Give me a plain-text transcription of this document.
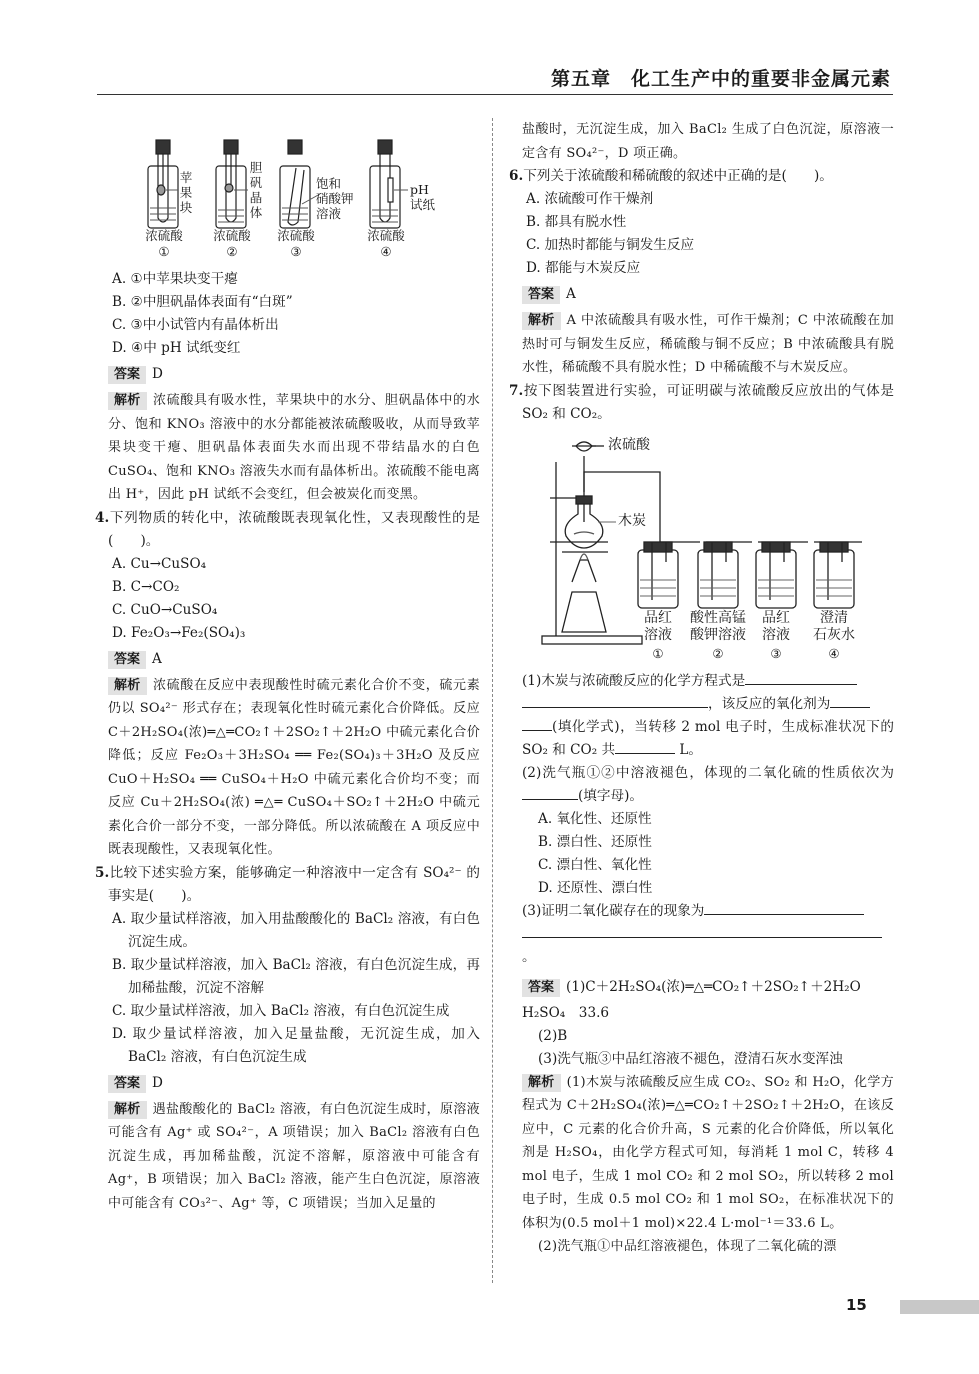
第五章　化工生产中的重要非金属元素
苹
果
块
胆
矾
晶
体
饱和
硝酸钾
溶液
pH
试纸
浓硫酸	浓硫酸	浓硫酸	浓硫酸
①	②	③	④

A. ①中苹果块变干瘪

B. ②中胆矾晶体表面有“白斑”

C. ③中小试管内有晶体析出

D. ④中 pH 试纸变红

答案 D

解析 浓硫酸具有吸水性，苹果块中的水分、胆矾晶体中的水分、饱和 KNO₃ 溶液中的水分都能被浓硫酸吸收，从而导致苹果块变干瘪、胆矾晶体表面失水而出现不带结晶水的白色 CuSO₄、饱和 KNO₃ 溶液失水而有晶体析出。浓硫酸不能电离出 H⁺，因此 pH 试纸不会变红，但会被炭化而变黑。

4.下列物质的转化中，浓硫酸既表现氧化性，又表现酸性的是(　　)。

A. Cu→CuSO₄

B. C→CO₂

C. CuO→CuSO₄

D. Fe₂O₃→Fe₂(SO₄)₃

答案 A

解析 浓硫酸在反应中表现酸性时硫元素化合价不变，硫元素仍以 SO₄²⁻ 形式存在；表现氧化性时硫元素化合价降低。反应 C＋2H₂SO₄(浓)═△═CO₂↑＋2SO₂↑＋2H₂O 中硫元素化合价降低；反应 Fe₂O₃＋3H₂SO₄ ══ Fe₂(SO₄)₃＋3H₂O 及反应 CuO＋H₂SO₄ ══ CuSO₄＋H₂O 中硫元素化合价均不变；而反应 Cu＋2H₂SO₄(浓) ═△═ CuSO₄＋SO₂↑＋2H₂O 中硫元素化合价一部分不变，一部分降低。所以浓硫酸在 A 项反应中既表现酸性，又表现氧化性。

5.比较下述实验方案，能够确定一种溶液中一定含有 SO₄²⁻ 的事实是(　　)。

A. 取少量试样溶液，加入用盐酸酸化的 BaCl₂ 溶液，有白色沉淀生成。

B. 取少量试样溶液，加入 BaCl₂ 溶液，有白色沉淀生成，再加稀盐酸，沉淀不溶解

C. 取少量试样溶液，加入 BaCl₂ 溶液，有白色沉淀生成

D. 取少量试样溶液，加入足量盐酸，无沉淀生成，加入 BaCl₂ 溶液，有白色沉淀生成

答案 D

解析 遇盐酸酸化的 BaCl₂ 溶液，有白色沉淀生成时，原溶液可能含有 Ag⁺ 或 SO₄²⁻，A 项错误；加入 BaCl₂ 溶液有白色沉淀生成，再加稀盐酸，沉淀不溶解，原溶液中可能含有 Ag⁺，B 项错误；加入 BaCl₂ 溶液，能产生白色沉淀，原溶液中可能含有 CO₃²⁻、Ag⁺ 等，C 项错误；当加入足量的

盐酸时，无沉淀生成，加入 BaCl₂ 生成了白色沉淀，原溶液一定含有 SO₄²⁻，D 项正确。

6.下列关于浓硫酸和稀硫酸的叙述中正确的是(　　)。

A. 浓硫酸可作干燥剂

B. 都具有脱水性

C. 加热时都能与铜发生反应

D. 都能与木炭反应

答案 A

解析 A 中浓硫酸具有吸水性，可作干燥剂；C 中浓硫酸在加热时可与铜发生反应，稀硫酸与铜不反应；B 中浓硫酸具有脱水性，稀硫酸不具有脱水性；D 中稀硫酸不与木炭反应。

7.按下图装置进行实验，可证明碳与浓硫酸反应放出的气体是 SO₂ 和 CO₂。

浓硫酸
木炭
品红
溶液
酸性高锰
酸钾溶液
品红
溶液
澄清
石灰水
①	②	③	④

(1)木炭与浓硫酸反应的化学方程式是
，该反应的氧化剂为
(填化学式)，当转移 2 mol 电子时，生成标准状况下的 SO₂ 和 CO₂ 共	L。

(2)洗气瓶①②中溶液褪色，体现的二氧化硫的性质依次为(填字母)。

A. 氧化性、还原性

B. 漂白性、还原性

C. 漂白性、氧化性

D. 还原性、漂白性

(3)证明二氧化碳存在的现象为
。

答案 (1)C＋2H₂SO₄(浓)═△═CO₂↑＋2SO₂↑＋2H₂O

H₂SO₄　33.6

(2)B

(3)洗气瓶③中品红溶液不褪色，澄清石灰水变浑浊

解析 (1)木炭与浓硫酸反应生成 CO₂、SO₂ 和 H₂O，化学方程式为 C＋2H₂SO₄(浓)═△═CO₂↑＋2SO₂↑＋2H₂O，在该反应中，C 元素的化合价升高，S 元素的化合价降低，所以氧化剂是 H₂SO₄，由化学方程式可知，每消耗 1 mol C，转移 4 mol 电子，生成 1 mol CO₂ 和 2 mol SO₂，所以转移 2 mol 电子时，生成 0.5 mol CO₂ 和 1 mol SO₂，在标准状况下的体积为(0.5 mol＋1 mol)×22.4 L·mol⁻¹＝33.6 L。

(2)洗气瓶①中品红溶液褪色，体现了二氧化硫的漂

15
